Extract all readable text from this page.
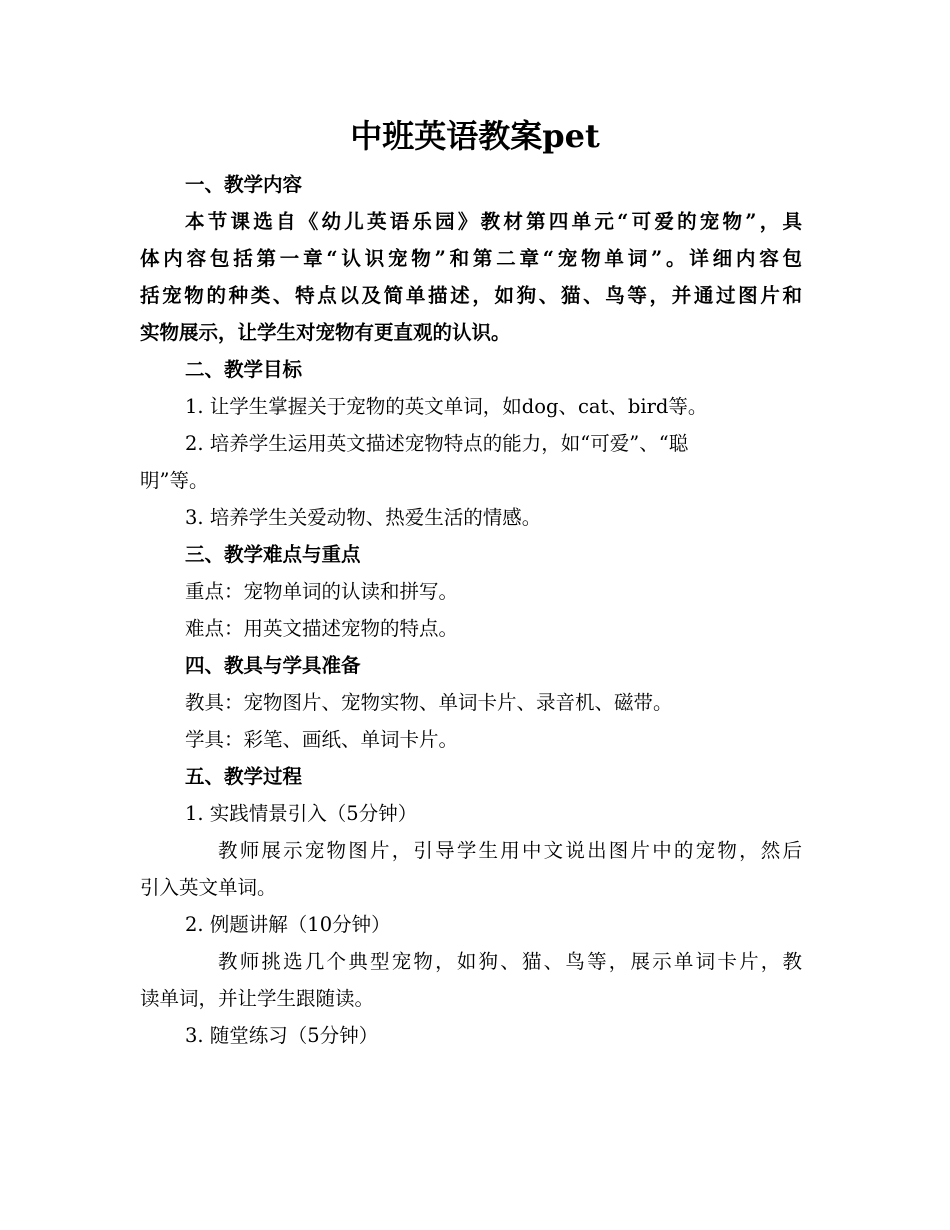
中班英语教案pet
一、教学内容
本节课选自《幼儿英语乐园》教材第四单元“可爱的宠物”，具
体内容包括第一章“认识宠物”和第二章“宠物单词”。详细内容包
括宠物的种类、特点以及简单描述，如狗、猫、鸟等，并通过图片和
实物展示，让学生对宠物有更直观的认识。
二、教学目标
1. 让学生掌握关于宠物的英文单词，如dog、cat、bird等。
2. 培养学生运用英文描述宠物特点的能力，如“可爱”、“聪
明”等。
3. 培养学生关爱动物、热爱生活的情感。
三、教学难点与重点
重点：宠物单词的认读和拼写。
难点：用英文描述宠物的特点。
四、教具与学具准备
教具：宠物图片、宠物实物、单词卡片、录音机、磁带。
学具：彩笔、画纸、单词卡片。
五、教学过程
1. 实践情景引入（5分钟）
教师展示宠物图片，引导学生用中文说出图片中的宠物，然后
引入英文单词。
2. 例题讲解（10分钟）
教师挑选几个典型宠物，如狗、猫、鸟等，展示单词卡片，教
读单词，并让学生跟随读。
3. 随堂练习（5分钟）
